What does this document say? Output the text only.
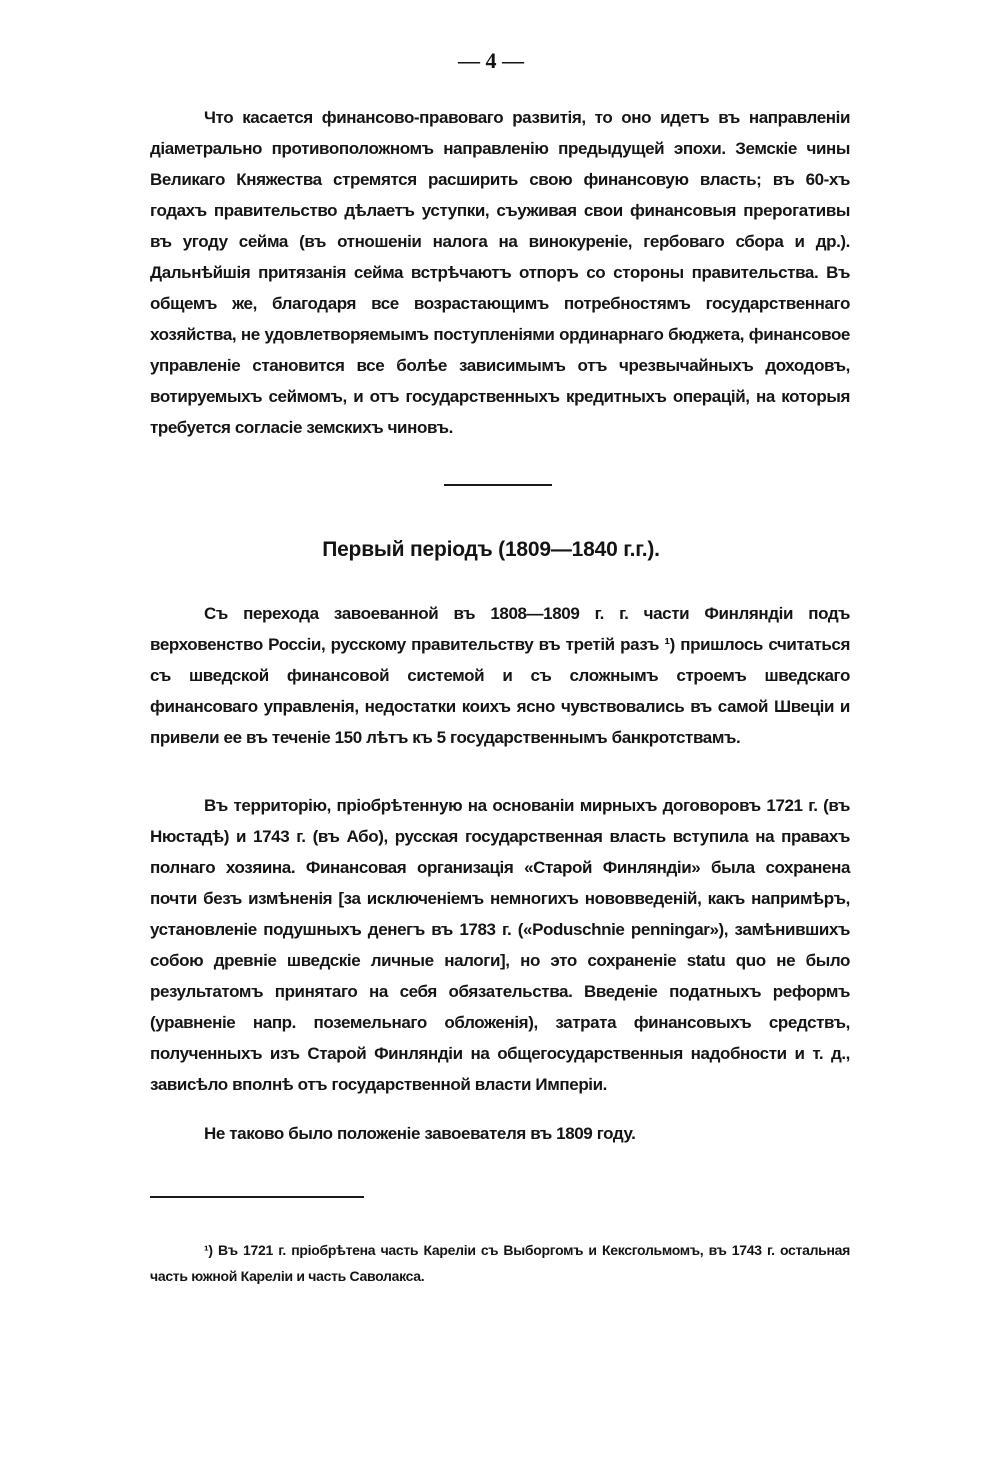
— 4 —

Что касается финансово-правоваго развитія, то оно идетъ въ направленіи діаметрально противоположномъ направленію предыдущей эпохи. Земскіе чины Великаго Княжества стремятся расширить свою финансовую власть; въ 60-хъ годахъ правительство дѣлаетъ уступки, съуживая свои финансовыя прерогативы въ угоду сейма (въ отношеніи налога на винокуреніе, гербоваго сбора и др.). Дальнѣйшія притязанія сейма встрѣчаютъ отпоръ со стороны правительства. Въ общемъ же, благодаря все возрастающимъ потребностямъ государственнаго хозяйства, не удовлетворяемымъ поступленіями ординарнаго бюджета, финансовое управленіе становится все болѣе зависимымъ отъ чрезвычайныхъ доходовъ, вотируемыхъ сеймомъ, и отъ государственныхъ кредитныхъ операцій, на которыя требуется согласіе земскихъ чиновъ.

Первый періодъ (1809—1840 г.г.).

Съ перехода завоеванной въ 1808—1809 г. г. части Финляндіи подъ верховенство Россіи, русскому правительству въ третій разъ ¹) пришлось считаться съ шведской финансовой системой и съ сложнымъ строемъ шведскаго финансоваго управленія, недостатки коихъ ясно чувствовались въ самой Швеціи и привели ее въ теченіе 150 лѣтъ къ 5 государственнымъ банкротствамъ.

Въ территорію, пріобрѣтенную на основаніи мирныхъ договоровъ 1721 г. (въ Нюстадѣ) и 1743 г. (въ Або), русская государственная власть вступила на правахъ полнаго хозяина. Финансовая организація «Старой Финляндіи» была сохранена почти безъ измѣненія [за исключеніемъ немногихъ нововведеній, какъ напримѣръ, установленіе подушныхъ денегъ въ 1783 г. («Poduschnie penningar»), замѣнившихъ собою древніе шведскіе личные налоги], но это сохраненіе statu quo не было результатомъ принятаго на себя обязательства. Введеніе податныхъ реформъ (уравненіе напр. поземельнаго обложенія), затрата финансовыхъ средствъ, полученныхъ изъ Старой Финляндіи на общегосударственныя надобности и т. д., зависѣло вполнѣ отъ государственной власти Имперіи.

Не таково было положеніе завоевателя въ 1809 году.

¹) Въ 1721 г. пріобрѣтена часть Кареліи съ Выборгомъ и Кексгольмомъ, въ 1743 г. остальная часть южной Кареліи и часть Саволакса.
